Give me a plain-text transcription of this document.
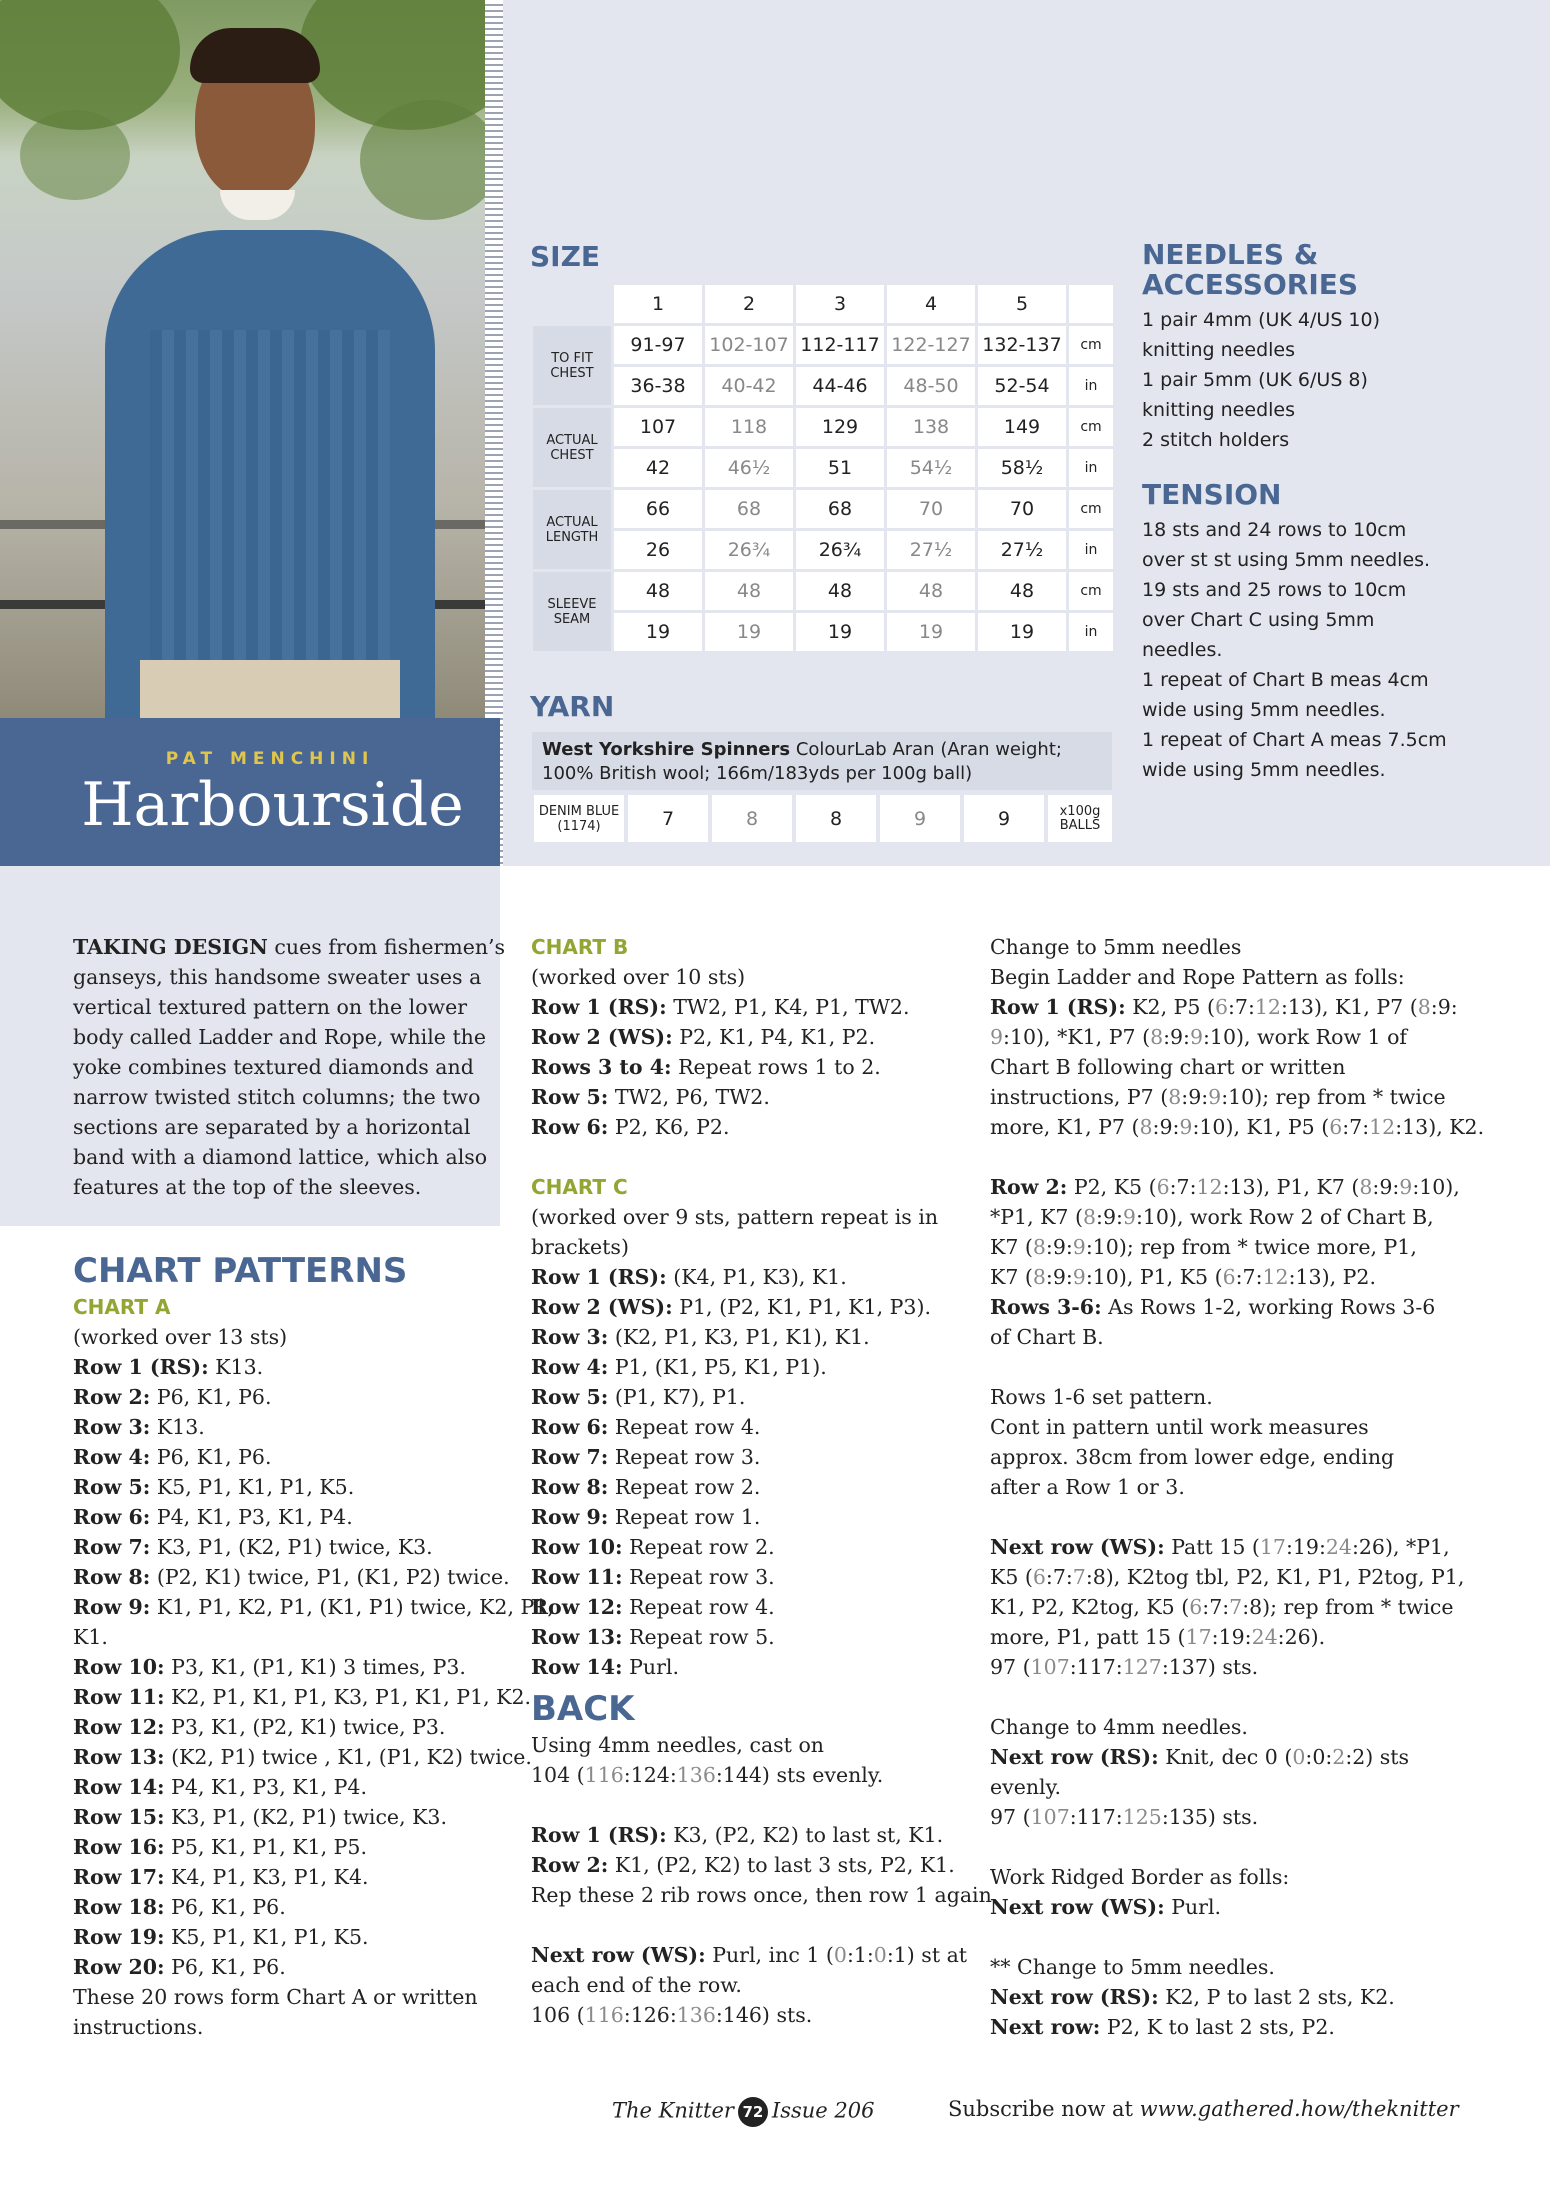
PAT MENCHINI
Harbourside
SIZE
	1	2	3	4	5	
TO FIT CHEST	91-97	102-107	112-117	122-127	132-137	cm
	36-38	40-42	44-46	48-50	52-54	in
ACTUAL CHEST	107	118	129	138	149	cm
	42	46½	51	54½	58½	in
ACTUAL LENGTH	66	68	68	70	70	cm
	26	26¾	26¾	27½	27½	in
SLEEVE SEAM	48	48	48	48	48	cm
	19	19	19	19	19	in
YARN
West Yorkshire Spinners ColourLab Aran (Aran weight; 100% British wool; 166m/183yds per 100g ball)
DENIM BLUE (1174)	7	8	8	9	9	x100g BALLS
NEEDLES & ACCESSORIES
1 pair 4mm (UK 4/US 10)
knitting needles
1 pair 5mm (UK 6/US 8)
knitting needles
2 stitch holders
TENSION
18 sts and 24 rows to 10cm
over st st using 5mm needles.
19 sts and 25 rows to 10cm
over Chart C using 5mm
needles.
1 repeat of Chart B meas 4cm
wide using 5mm needles.
1 repeat of Chart A meas 7.5cm
wide using 5mm needles.
TAKING DESIGN cues from fishermen’s
ganseys, this handsome sweater uses a
vertical textured pattern on the lower
body called Ladder and Rope, while the
yoke combines textured diamonds and
narrow twisted stitch columns; the two
sections are separated by a horizontal
band with a diamond lattice, which also
features at the top of the sleeves.
CHART PATTERNS
CHART A

(worked over 13 sts)

Row 1 (RS): K13.

Row 2: P6, K1, P6.

Row 3: K13.

Row 4: P6, K1, P6.

Row 5: K5, P1, K1, P1, K5.

Row 6: P4, K1, P3, K1, P4.

Row 7: K3, P1, (K2, P1) twice, K3.

Row 8: (P2, K1) twice, P1, (K1, P2) twice.

Row 9: K1, P1, K2, P1, (K1, P1) twice, K2, P1,

K1.

Row 10: P3, K1, (P1, K1) 3 times, P3.

Row 11: K2, P1, K1, P1, K3, P1, K1, P1, K2.

Row 12: P3, K1, (P2, K1) twice, P3.

Row 13: (K2, P1) twice , K1, (P1, K2) twice.

Row 14: P4, K1, P3, K1, P4.

Row 15: K3, P1, (K2, P1) twice, K3.

Row 16: P5, K1, P1, K1, P5.

Row 17: K4, P1, K3, P1, K4.

Row 18: P6, K1, P6.

Row 19: K5, P1, K1, P1, K5.

Row 20: P6, K1, P6.

These 20 rows form Chart A or written

instructions.

CHART B

(worked over 10 sts)

Row 1 (RS): TW2, P1, K4, P1, TW2.

Row 2 (WS): P2, K1, P4, K1, P2.

Rows 3 to 4: Repeat rows 1 to 2.

Row 5: TW2, P6, TW2.

Row 6: P2, K6, P2.

CHART C

(worked over 9 sts, pattern repeat is in

brackets)

Row 1 (RS): (K4, P1, K3), K1.

Row 2 (WS): P1, (P2, K1, P1, K1, P3).

Row 3: (K2, P1, K3, P1, K1), K1.

Row 4: P1, (K1, P5, K1, P1).

Row 5: (P1, K7), P1.

Row 6: Repeat row 4.

Row 7: Repeat row 3.

Row 8: Repeat row 2.

Row 9: Repeat row 1.

Row 10: Repeat row 2.

Row 11: Repeat row 3.

Row 12: Repeat row 4.

Row 13: Repeat row 5.

Row 14: Purl.

BACK

Using 4mm needles, cast on

104 (116:124:136:144) sts evenly.

Row 1 (RS): K3, (P2, K2) to last st, K1.

Row 2: K1, (P2, K2) to last 3 sts, P2, K1.

Rep these 2 rib rows once, then row 1 again.

Next row (WS): Purl, inc 1 (0:1:0:1) st at

each end of the row.

106 (116:126:136:146) sts.

Change to 5mm needles

Begin Ladder and Rope Pattern as folls:

Row 1 (RS): K2, P5 (6:7:12:13), K1, P7 (8:9:

9:10), *K1, P7 (8:9:9:10), work Row 1 of

Chart B following chart or written

instructions, P7 (8:9:9:10); rep from * twice

more, K1, P7 (8:9:9:10), K1, P5 (6:7:12:13), K2.

Row 2: P2, K5 (6:7:12:13), P1, K7 (8:9:9:10),

*P1, K7 (8:9:9:10), work Row 2 of Chart B,

K7 (8:9:9:10); rep from * twice more, P1,

K7 (8:9:9:10), P1, K5 (6:7:12:13), P2.

Rows 3-6: As Rows 1-2, working Rows 3-6

of Chart B.

Rows 1-6 set pattern.

Cont in pattern until work measures

approx. 38cm from lower edge, ending

after a Row 1 or 3.

Next row (WS): Patt 15 (17:19:24:26), *P1,

K5 (6:7:7:8), K2tog tbl, P2, K1, P1, P2tog, P1,

K1, P2, K2tog, K5 (6:7:7:8); rep from * twice

more, P1, patt 15 (17:19:24:26).

97 (107:117:127:137) sts.

Change to 4mm needles.

Next row (RS): Knit, dec 0 (0:0:2:2) sts

evenly.

97 (107:117:125:135) sts.

Work Ridged Border as folls:

Next row (WS): Purl.

** Change to 5mm needles.

Next row (RS): K2, P to last 2 sts, K2.

Next row: P2, K to last 2 sts, P2.

The Knitter 72 Issue 206	Subscribe now at www.gathered.how/theknitter
